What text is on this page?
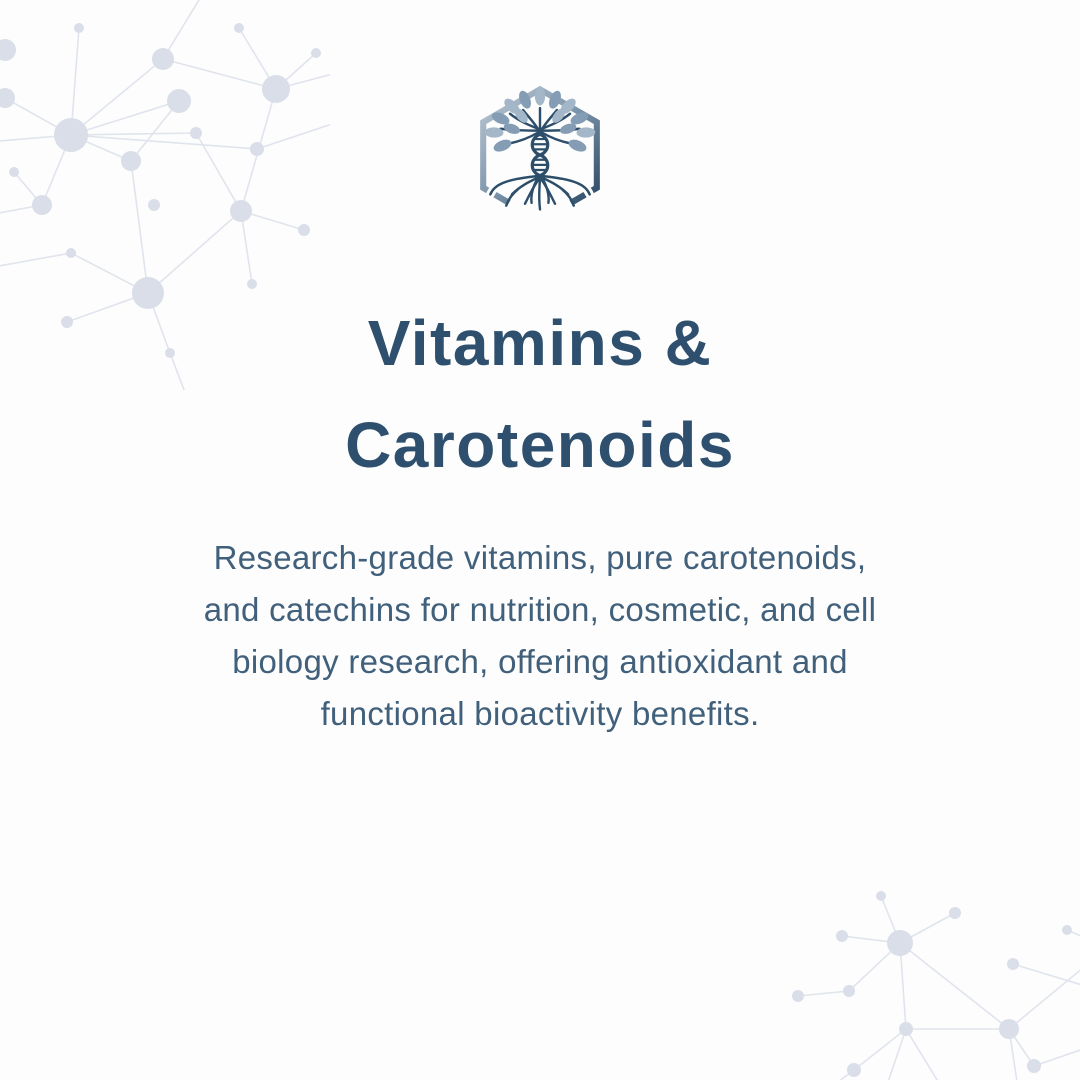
Vitamins &
Carotenoids

Research-grade vitamins, pure carotenoids,
and catechins for nutrition, cosmetic, and cell
biology research, offering antioxidant and
functional bioactivity benefits.
